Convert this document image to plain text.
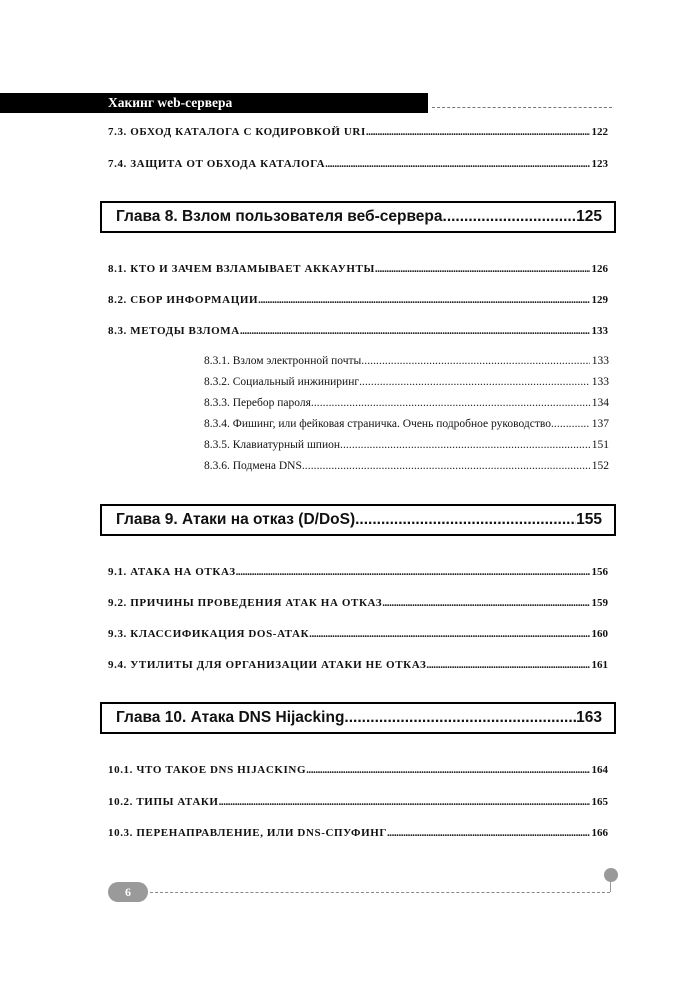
Хакинг web-сервера
7.3. ОБХОД КАТАЛОГА С КОДИРОВКОЙ URI . . .	122
7.4. ЗАЩИТА ОТ ОБХОДА КАТАЛОГА . . .	123
Глава 8. Взлом пользователя веб-сервера .....	125
8.1. КТО И ЗАЧЕМ ВЗЛАМЫВАЕТ АККАУНТЫ . . .	126
8.2. СБОР ИНФОРМАЦИИ . . .	129
8.3. МЕТОДЫ ВЗЛОМА . . .	133
8.3.1. Взлом электронной почты . . .	133
8.3.2. Социальный инжиниринг . . .	133
8.3.3. Перебор пароля . . .	134
8.3.4. Фишинг, или фейковая страничка. Очень подробное руководство . . .	137
8.3.5. Клавиатурный шпион . . .	151
8.3.6. Подмена DNS . . .	152
Глава 9. Атаки на отказ (D/DoS) .....	155
9.1. АТАКА НА ОТКАЗ . . .	156
9.2. ПРИЧИНЫ ПРОВЕДЕНИЯ АТАК НА ОТКАЗ . . .	159
9.3. КЛАССИФИКАЦИЯ DOS-АТАК . . .	160
9.4. УТИЛИТЫ ДЛЯ ОРГАНИЗАЦИИ АТАКИ НЕ ОТКАЗ . . .	161
Глава 10. Атака DNS Hijacking .....	163
10.1. ЧТО ТАКОЕ DNS HIJACKING . . .	164
10.2. ТИПЫ АТАКИ . . .	165
10.3. ПЕРЕНАПРАВЛЕНИЕ, ИЛИ DNS-СПУФИНГ . . .	166
6
